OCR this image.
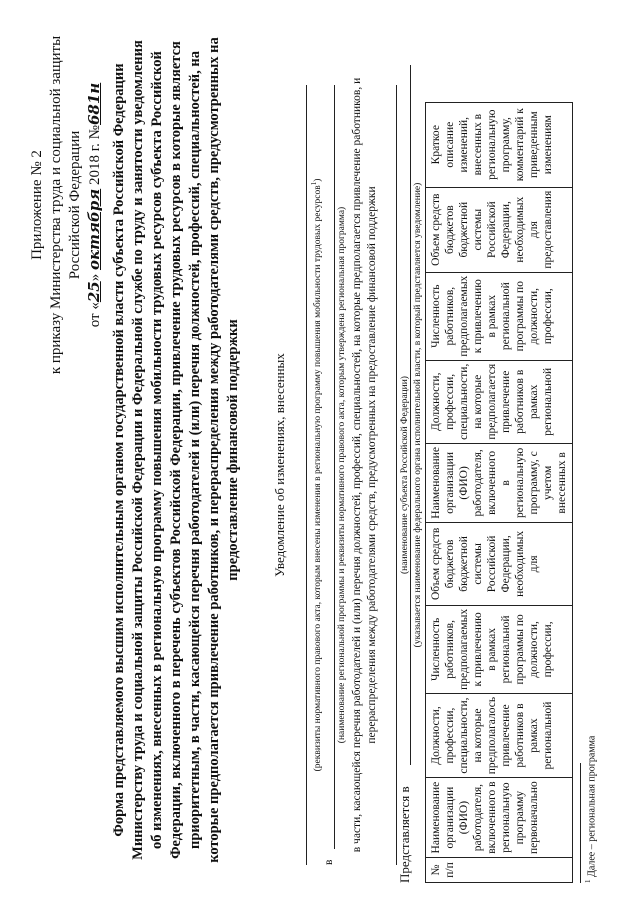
Приложение № 2 к приказу Министерства труда и социальной защиты Российской Федерации
от «25» октября 2018 г. №681н Форма представляемого высшим исполнительным органом государственной власти субъекта Российской Федерации Министерству труда и социальной защиты Российской Федерации и Федеральной службе по труду и занятости уведомления об изменениях, внесенных в региональную программу повышения мобильности трудовых ресурсов субъекта Российской Федерации, включенного в перечень субъектов Российской Федерации, привлечение трудовых ресурсов в которые является приоритетным, в части, касающейся перечня работодателей и (или) перечня должностей, профессий, специальностей, на которые предполагается привлечение работников, и перераспределения между работодателями средств, предусмотренных на предоставление финансовой поддержки Уведомление об изменениях, внесенных	(реквизиты нормативного правового акта, которым внесены изменения в региональную программу повышения мобильности трудовых ресурсов$^1$)
в
(наименование региональной программы и реквизиты нормативного правового акта, которым утверждена региональная программа) в части, касающейся перечня работодателей и (или) перечня должностей, профессий, специальностей, на которые предполагается привлечение работников, и перераспределения между работодателями средств, предусмотренных на предоставление финансовой поддержки (наименование субъекта Российской Федерации)
Представляется в
(указывается наименование федерального органа исполнительной власти, в который представляется уведомление)
№ п/п	Наименование организации (ФИО) работодателя, включенного в региональную программу первоначально	Должности, профессии, специальности, на которые предполагалось привлечение работников в рамках региональной	Численность работников, предполагаемых к привлечению в рамках региональной программы по должности, профессии,	Объем средств бюджетов бюджетной системы Российской Федерации, необходимых для	Наименование организации (ФИО) работодателя, включенного в региональную программу, с учетом внесенных в	Должности, профессии, специальности, на которые предполагается привлечение работников в рамках региональной	Численность работников, предполагаемых к привлечению в рамках региональной программы по должности, профессии,	Объем средств бюджетов бюджетной системы Российской Федерации, необходимых для предоставления	Краткое описание изменений, внесенных в региональную программу, комментарий к приведенным изменениям
$^1$ Далее – региональная программа
